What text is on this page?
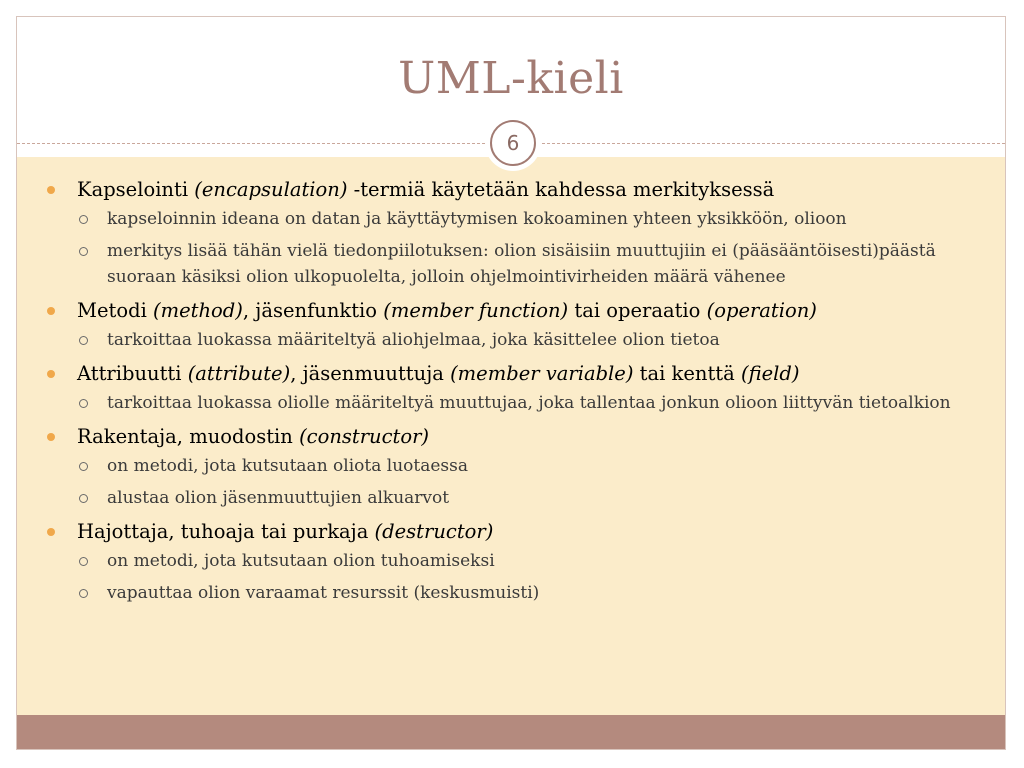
UML-kieli
6
Kapselointi (encapsulation) -termiä käytetään kahdessa merkityksessä
kapseloinnin ideana on datan ja käyttäytymisen kokoaminen yhteen yksikköön, olioon
merkitys lisää tähän vielä tiedonpiilotuksen: olion sisäisiin muuttujiin ei (pääsääntöisesti)päästä suoraan käsiksi olion ulkopuolelta, jolloin ohjelmointivirheiden määrä vähenee
Metodi (method), jäsenfunktio (member function) tai operaatio (operation)
tarkoittaa luokassa määriteltyä aliohjelmaa, joka käsittelee olion tietoa
Attribuutti (attribute), jäsenmuuttuja (member variable) tai kenttä (field)
tarkoittaa luokassa oliolle määriteltyä muuttujaa, joka tallentaa jonkun olioon liittyvän tietoalkion
Rakentaja, muodostin (constructor)
on metodi, jota kutsutaan oliota luotaessa
alustaa olion jäsenmuuttujien alkuarvot
Hajottaja, tuhoaja tai purkaja (destructor)
on metodi, jota kutsutaan olion tuhoamiseksi
vapauttaa olion varaamat resurssit (keskusmuisti)
